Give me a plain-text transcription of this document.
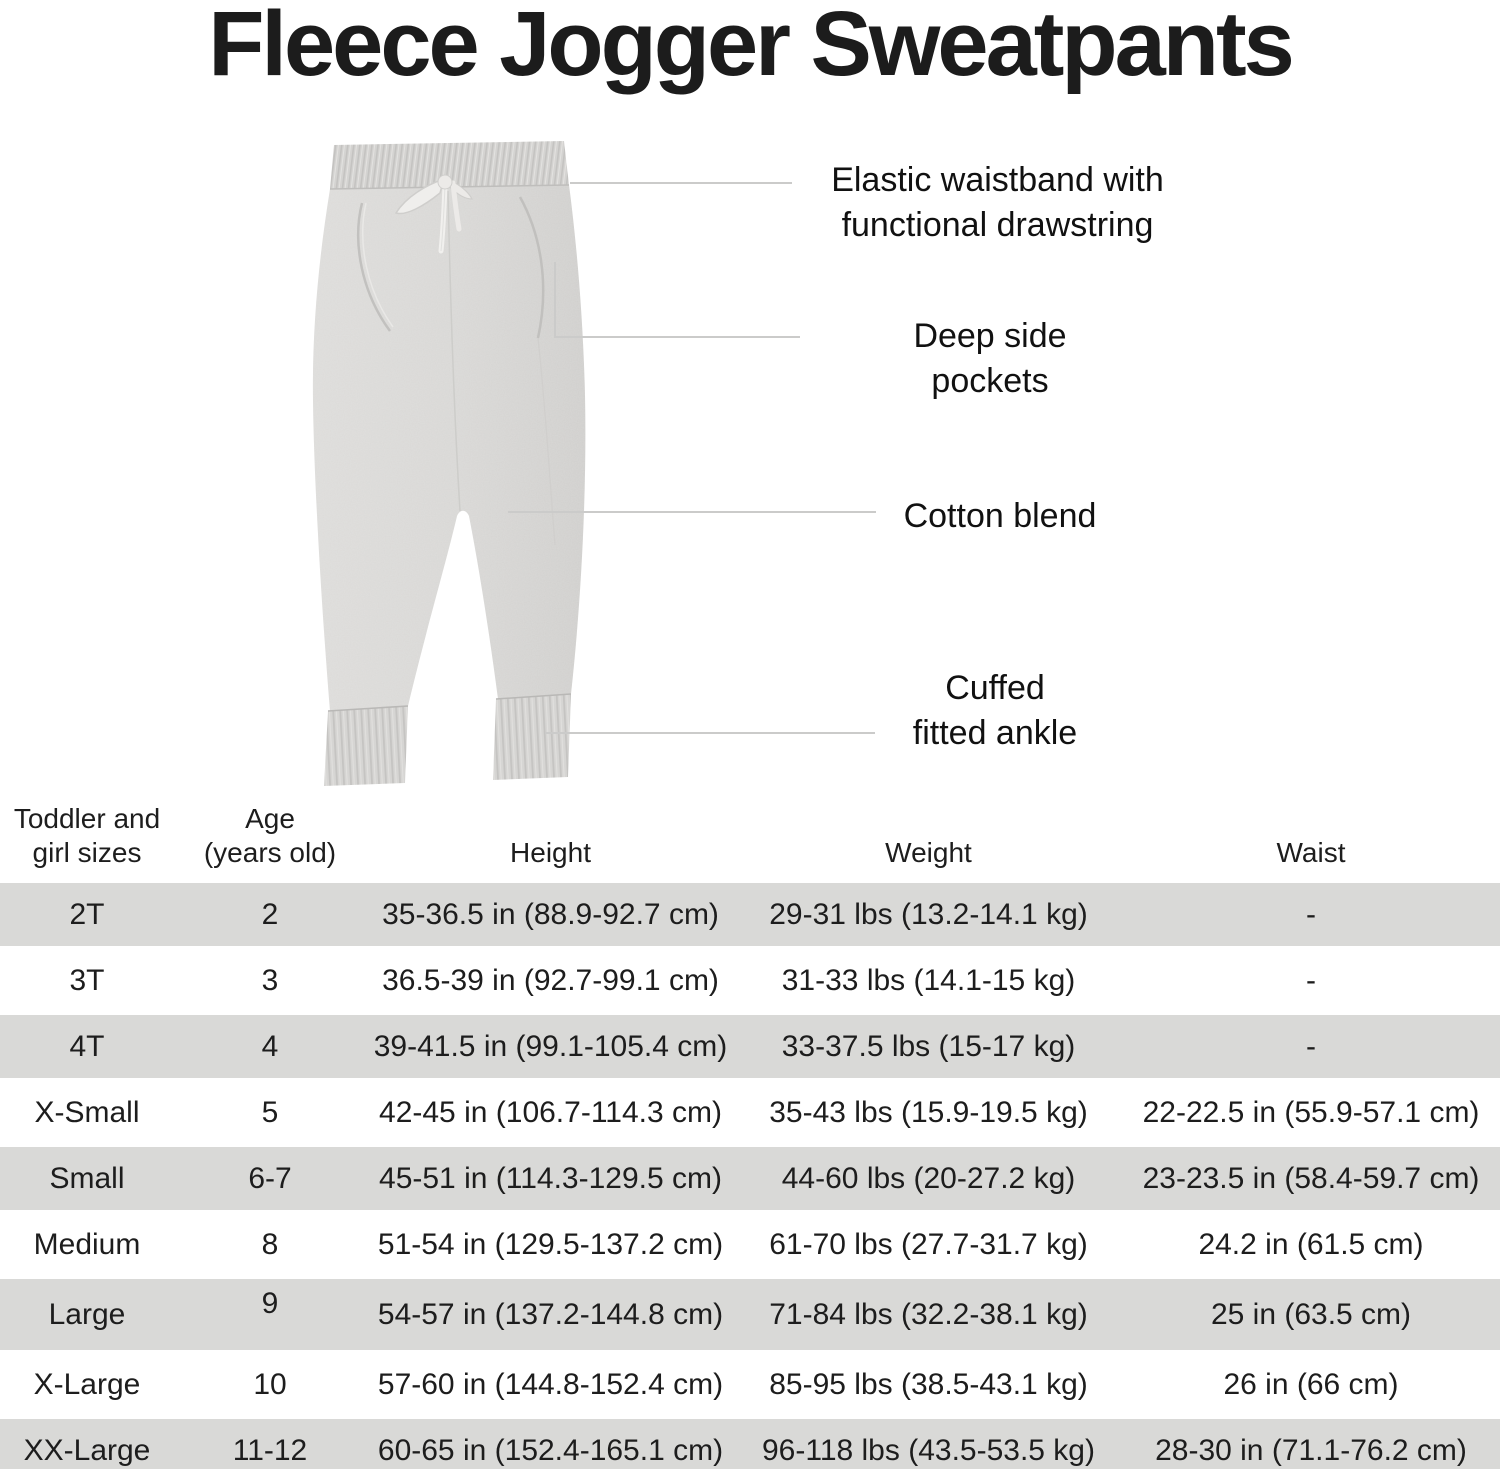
Fleece Jogger Sweatpants
Elastic waistband with
functional drawstring
Deep side
pockets
Cotton blend
Cuffed
fitted ankle
Toddler and
girl sizes	Age
(years old)	Height	Weight	Waist

2T	2	35-36.5 in (88.9-92.7 cm)	29-31 lbs (13.2-14.1 kg)	-
3T	3	36.5-39 in (92.7-99.1 cm)	31-33 lbs (14.1-15 kg)	-
4T	4	39-41.5 in (99.1-105.4 cm)	33-37.5 lbs (15-17 kg)	-
X-Small	5	42-45 in (106.7-114.3 cm)	35-43 lbs (15.9-19.5 kg)	22-22.5 in (55.9-57.1 cm)
Small	6-7	45-51 in (114.3-129.5 cm)	44-60 lbs (20-27.2 kg)	23-23.5 in (58.4-59.7 cm)
Medium	8	51-54 in (129.5-137.2 cm)	61-70 lbs (27.7-31.7 kg)	24.2 in (61.5 cm)
Large	9	54-57 in (137.2-144.8 cm)	71-84 lbs (32.2-38.1 kg)	25 in (63.5 cm)
X-Large	10	57-60 in (144.8-152.4 cm)	85-95 lbs (38.5-43.1 kg)	26 in (66 cm)
XX-Large	11-12	60-65 in (152.4-165.1 cm)	96-118 lbs (43.5-53.5 kg)	28-30 in (71.1-76.2 cm)
